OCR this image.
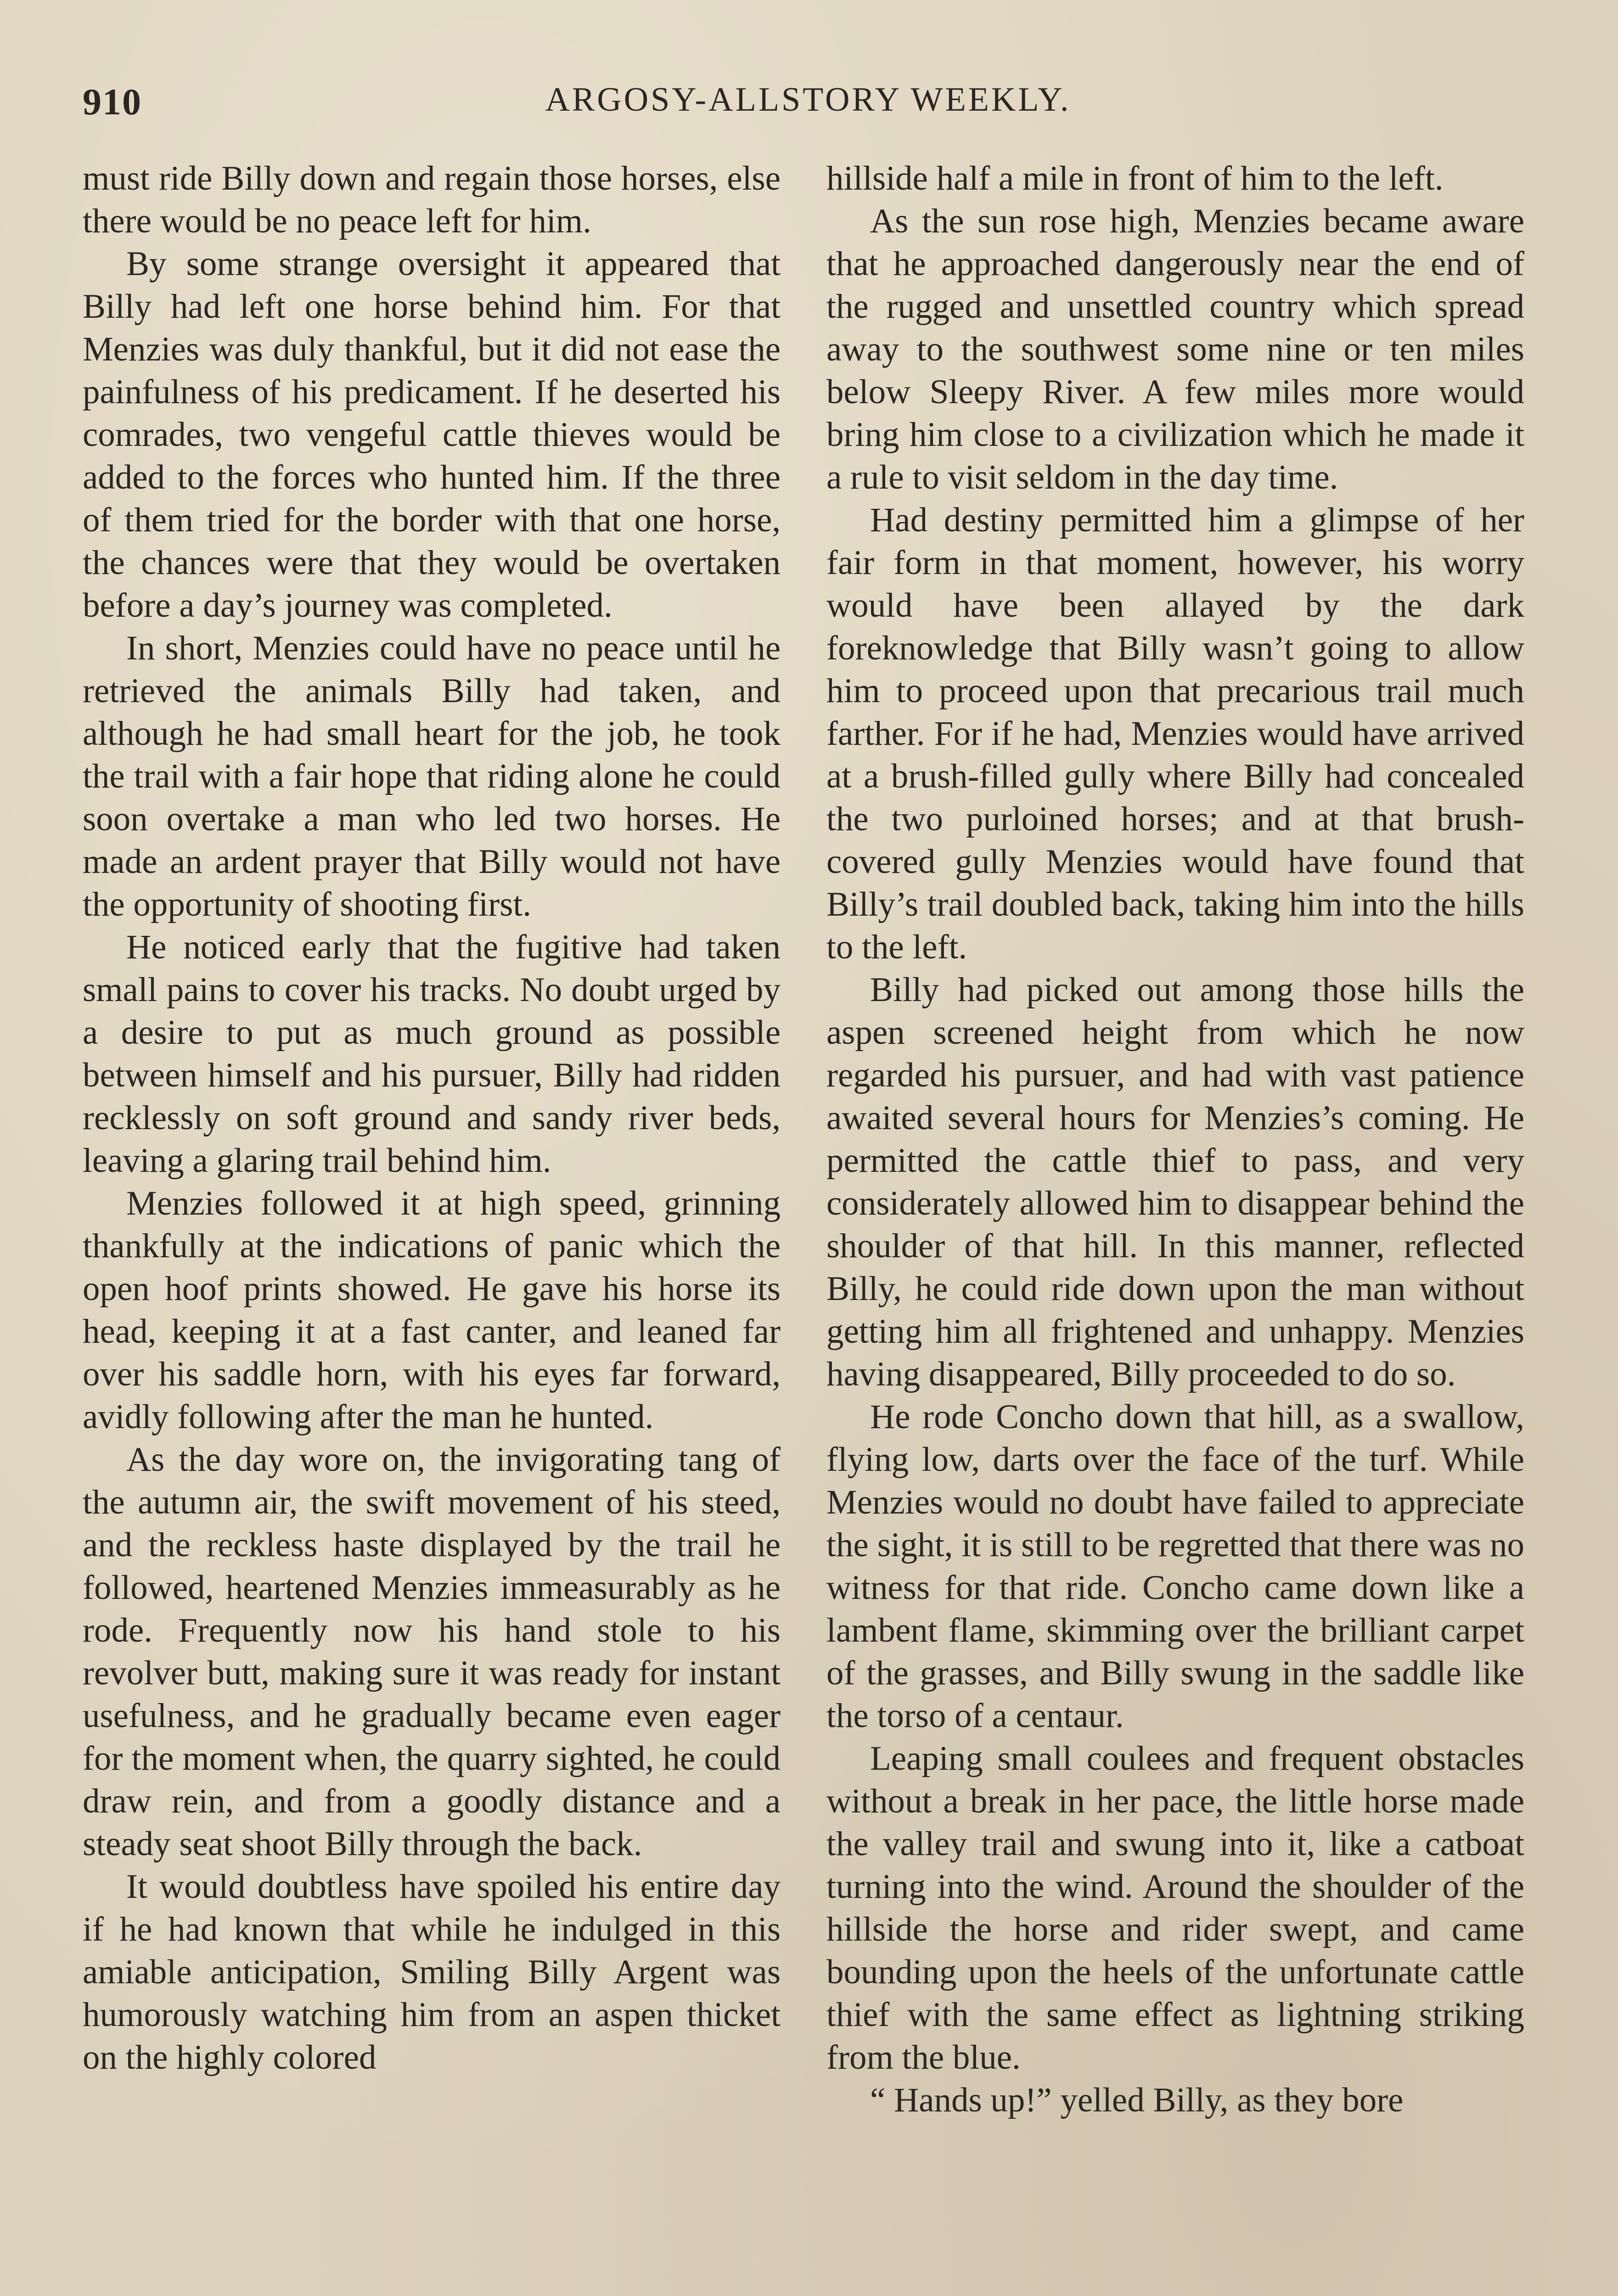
910	ARGOSY-ALLSTORY WEEKLY.

must ride Billy down and regain those horses, else there would be no peace left for him.

By some strange oversight it appeared that Billy had left one horse behind him. For that Menzies was duly thankful, but it did not ease the painfulness of his predicament. If he deserted his comrades, two vengeful cattle thieves would be added to the forces who hunted him. If the three of them tried for the border with that one horse, the chances were that they would be overtaken before a day’s journey was completed.

In short, Menzies could have no peace until he retrieved the animals Billy had taken, and although he had small heart for the job, he took the trail with a fair hope that riding alone he could soon overtake a man who led two horses. He made an ardent prayer that Billy would not have the opportunity of shooting first.

He noticed early that the fugitive had taken small pains to cover his tracks. No doubt urged by a desire to put as much ground as possible between himself and his pursuer, Billy had ridden recklessly on soft ground and sandy river beds, leaving a glaring trail behind him.

Menzies followed it at high speed, grinning thankfully at the indications of panic which the open hoof prints showed. He gave his horse its head, keeping it at a fast canter, and leaned far over his saddle horn, with his eyes far forward, avidly following after the man he hunted.

As the day wore on, the invigorating tang of the autumn air, the swift movement of his steed, and the reckless haste displayed by the trail he followed, heartened Menzies immeasurably as he rode. Frequently now his hand stole to his revolver butt, making sure it was ready for instant usefulness, and he gradually became even eager for the moment when, the quarry sighted, he could draw rein, and from a goodly distance and a steady seat shoot Billy through the back.

It would doubtless have spoiled his entire day if he had known that while he indulged in this amiable anticipation, Smiling Billy Argent was humorously watching him from an aspen thicket on the highly colored

hillside half a mile in front of him to the left.

As the sun rose high, Menzies became aware that he approached dangerously near the end of the rugged and unsettled country which spread away to the southwest some nine or ten miles below Sleepy River. A few miles more would bring him close to a civilization which he made it a rule to visit seldom in the day time.

Had destiny permitted him a glimpse of her fair form in that moment, however, his worry would have been allayed by the dark foreknowledge that Billy wasn’t going to allow him to proceed upon that precarious trail much farther. For if he had, Menzies would have arrived at a brush-filled gully where Billy had concealed the two purloined horses; and at that brush-covered gully Menzies would have found that Billy’s trail doubled back, taking him into the hills to the left.

Billy had picked out among those hills the aspen screened height from which he now regarded his pursuer, and had with vast patience awaited several hours for Menzies’s coming. He permitted the cattle thief to pass, and very considerately allowed him to disappear behind the shoulder of that hill. In this manner, reflected Billy, he could ride down upon the man without getting him all frightened and unhappy. Menzies having disappeared, Billy proceeded to do so.

He rode Concho down that hill, as a swallow, flying low, darts over the face of the turf. While Menzies would no doubt have failed to appreciate the sight, it is still to be regretted that there was no witness for that ride. Concho came down like a lambent flame, skimming over the brilliant carpet of the grasses, and Billy swung in the saddle like the torso of a centaur.

Leaping small coulees and frequent obstacles without a break in her pace, the little horse made the valley trail and swung into it, like a catboat turning into the wind. Around the shoulder of the hillside the horse and rider swept, and came bounding upon the heels of the unfortunate cattle thief with the same effect as lightning striking from the blue.

“ Hands up!” yelled Billy, as they bore
